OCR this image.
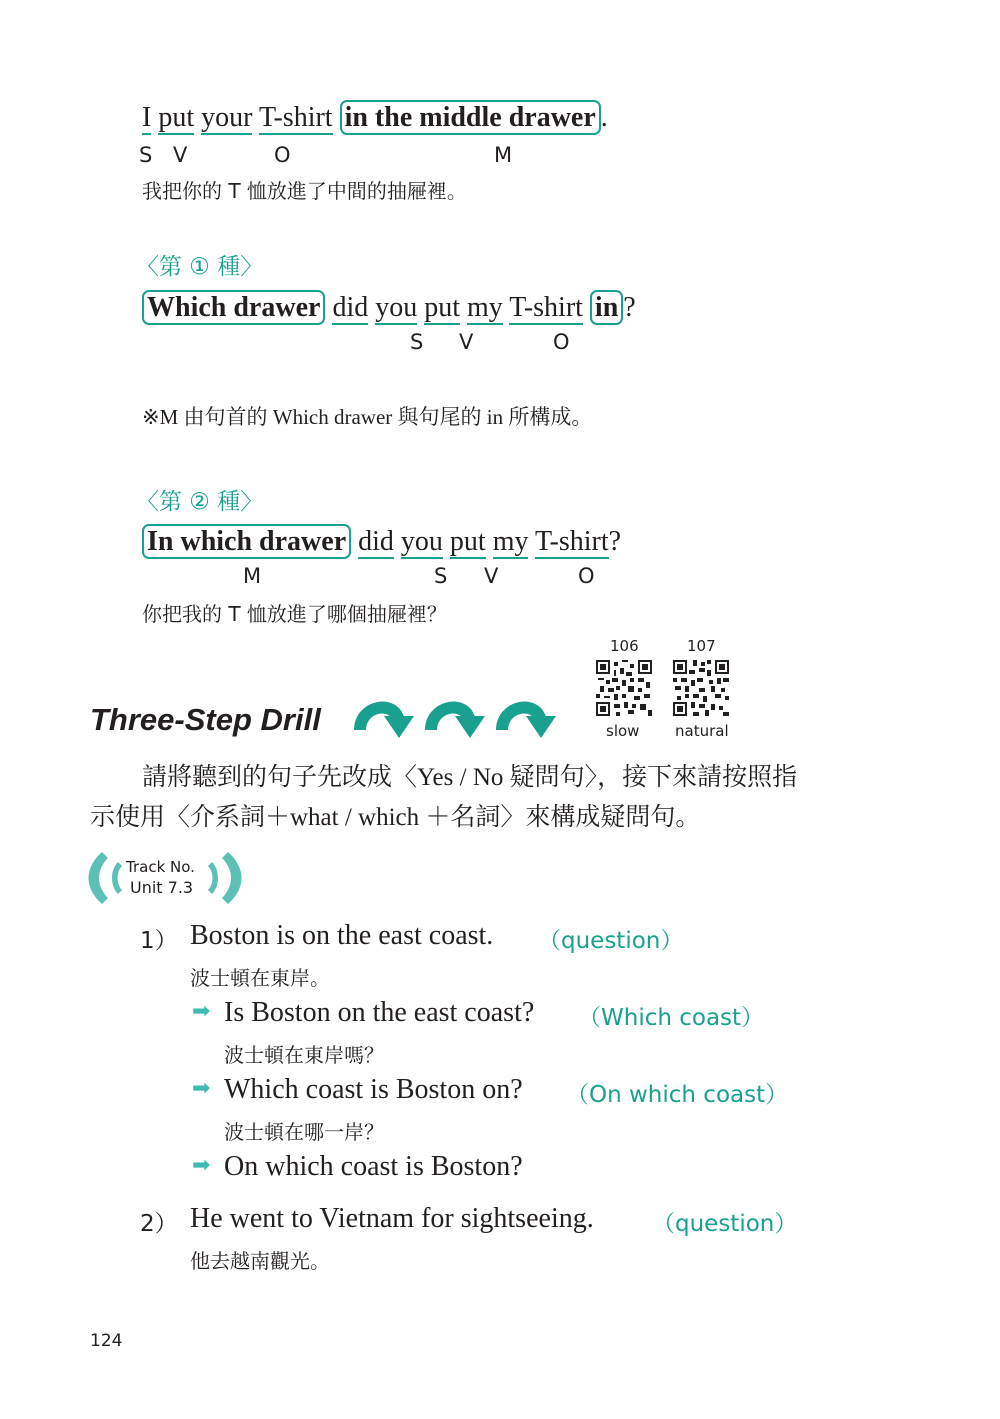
I put your T-shirt in the middle drawer .
S V	O	M
我把你的 T 恤放進了中間的抽屜裡。
〈第 ① 種〉
Which drawer did you put my T-shirt in ?
S V	O
※M 由句首的 Which drawer 與句尾的 in 所構成。
〈第 ② 種〉
In which drawer did you put my T-shirt?
M	S V	O
你把我的 T 恤放進了哪個抽屜裡？
106	107
slow natural
Three-Step Drill
請將聽到的句子先改成〈Yes / No 疑問句〉，接下來請按照指
示使用〈介系詞＋what / which ＋名詞〉來構成疑問句。
Track No.
Unit 7.3
1） Boston is on the east coast. （question）
波士頓在東岸。
➡ Is Boston on the east coast? （Which coast）
波士頓在東岸嗎？
➡ Which coast is Boston on? （On which coast）
波士頓在哪一岸？
➡ On which coast is Boston?
2） He went to Vietnam for sightseeing.	（question）
他去越南觀光。
124
